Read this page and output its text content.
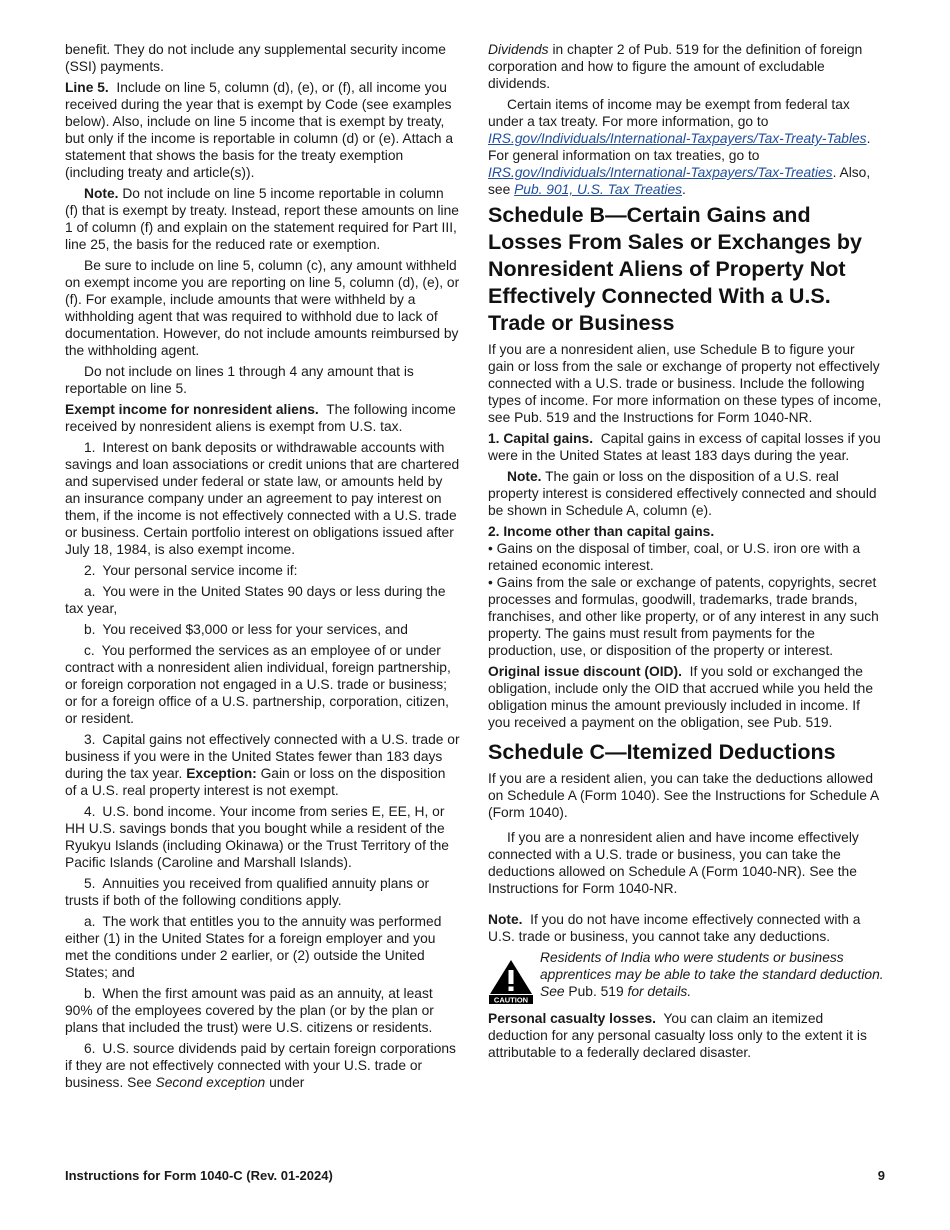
benefit. They do not include any supplemental security income (SSI) payments.

Line 5. Include on line 5, column (d), (e), or (f), all income you received during the year that is exempt by Code (see examples below). Also, include on line 5 income that is exempt by treaty, but only if the income is reportable in column (d) or (e). Attach a statement that shows the basis for the treaty exemption (including treaty and article(s)).

Note. Do not include on line 5 income reportable in column (f) that is exempt by treaty. Instead, report these amounts on line 1 of column (f) and explain on the statement required for Part III, line 25, the basis for the reduced rate or exemption.

Be sure to include on line 5, column (c), any amount withheld on exempt income you are reporting on line 5, column (d), (e), or (f). For example, include amounts that were withheld by a withholding agent that was required to withhold due to lack of documentation. However, do not include amounts reimbursed by the withholding agent.

Do not include on lines 1 through 4 any amount that is reportable on line 5.

Exempt income for nonresident aliens. The following income received by nonresident aliens is exempt from U.S. tax.

1. Interest on bank deposits or withdrawable accounts with savings and loan associations or credit unions that are chartered and supervised under federal or state law, or amounts held by an insurance company under an agreement to pay interest on them, if the income is not effectively connected with a U.S. trade or business. Certain portfolio interest on obligations issued after July 18, 1984, is also exempt income.

2. Your personal service income if:

a. You were in the United States 90 days or less during the tax year,

b. You received $3,000 or less for your services, and

c. You performed the services as an employee of or under contract with a nonresident alien individual, foreign partnership, or foreign corporation not engaged in a U.S. trade or business; or for a foreign office of a U.S. partnership, corporation, citizen, or resident.

3. Capital gains not effectively connected with a U.S. trade or business if you were in the United States fewer than 183 days during the tax year. Exception: Gain or loss on the disposition of a U.S. real property interest is not exempt.

4. U.S. bond income. Your income from series E, EE, H, or HH U.S. savings bonds that you bought while a resident of the Ryukyu Islands (including Okinawa) or the Trust Territory of the Pacific Islands (Caroline and Marshall Islands).

5. Annuities you received from qualified annuity plans or trusts if both of the following conditions apply.

a. The work that entitles you to the annuity was performed either (1) in the United States for a foreign employer and you met the conditions under 2 earlier, or (2) outside the United States; and

b. When the first amount was paid as an annuity, at least 90% of the employees covered by the plan (or by the plan or plans that included the trust) were U.S. citizens or residents.

6. U.S. source dividends paid by certain foreign corporations if they are not effectively connected with your U.S. trade or business. See Second exception under

Dividends in chapter 2 of Pub. 519 for the definition of foreign corporation and how to figure the amount of excludable dividends.

Certain items of income may be exempt from federal tax under a tax treaty. For more information, go to IRS.gov/Individuals/International-Taxpayers/Tax-Treaty-Tables. For general information on tax treaties, go to IRS.gov/Individuals/International-Taxpayers/Tax-Treaties. Also, see Pub. 901, U.S. Tax Treaties.

Schedule B—Certain Gains and Losses From Sales or Exchanges by Nonresident Aliens of Property Not Effectively Connected With a U.S. Trade or Business

If you are a nonresident alien, use Schedule B to figure your gain or loss from the sale or exchange of property not effectively connected with a U.S. trade or business. Include the following types of income. For more information on these types of income, see Pub. 519 and the Instructions for Form 1040-NR.

1. Capital gains. Capital gains in excess of capital losses if you were in the United States at least 183 days during the year.

Note. The gain or loss on the disposition of a U.S. real property interest is considered effectively connected and should be shown in Schedule A, column (e).

2. Income other than capital gains.

• Gains on the disposal of timber, coal, or U.S. iron ore with a retained economic interest.

• Gains from the sale or exchange of patents, copyrights, secret processes and formulas, goodwill, trademarks, trade brands, franchises, and other like property, or of any interest in any such property. The gains must result from payments for the production, use, or disposition of the property or interest.

Original issue discount (OID). If you sold or exchanged the obligation, include only the OID that accrued while you held the obligation minus the amount previously included in income. If you received a payment on the obligation, see Pub. 519.

Schedule C—Itemized Deductions

If you are a resident alien, you can take the deductions allowed on Schedule A (Form 1040). See the Instructions for Schedule A (Form 1040).

If you are a nonresident alien and have income effectively connected with a U.S. trade or business, you can take the deductions allowed on Schedule A (Form 1040-NR). See the Instructions for Form 1040-NR.

Note. If you do not have income effectively connected with a U.S. trade or business, you cannot take any deductions.

CAUTION
Residents of India who were students or business apprentices may be able to take the standard deduction. See Pub. 519 for details.

Personal casualty losses. You can claim an itemized deduction for any personal casualty loss only to the extent it is attributable to a federally declared disaster.

Instructions for Form 1040-C (Rev. 01-2024)	9
